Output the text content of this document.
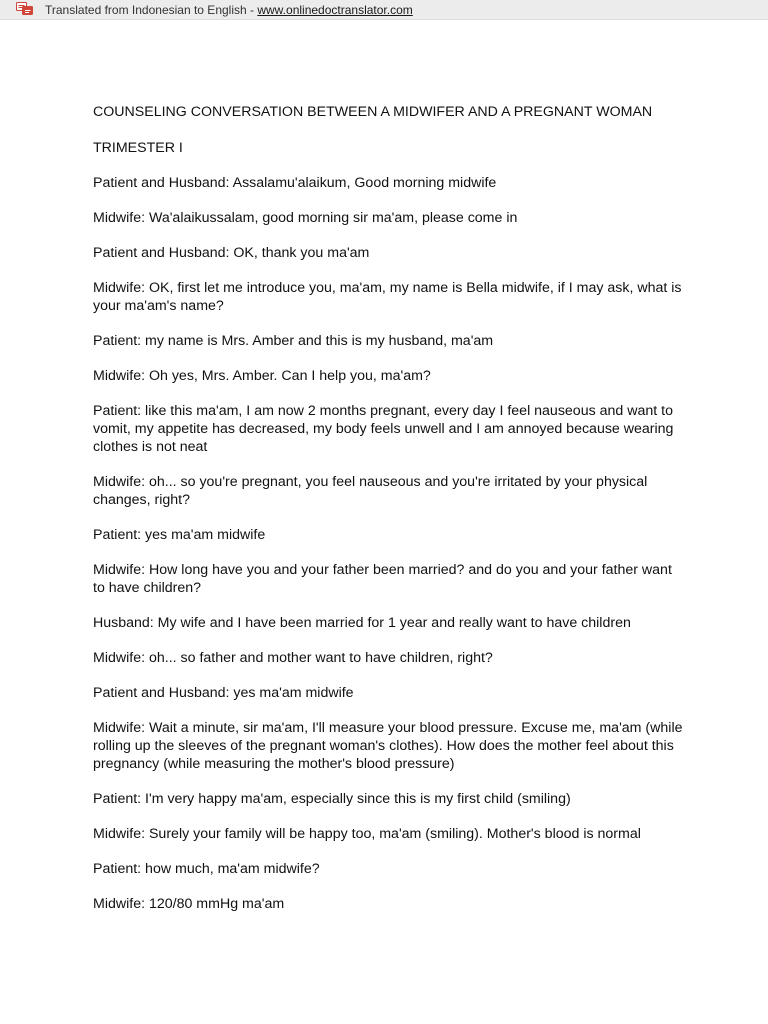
Translated from Indonesian to English - www.onlinedoctranslator.com

COUNSELING CONVERSATION BETWEEN A MIDWIFER AND A PREGNANT WOMAN

TRIMESTER I

Patient and Husband: Assalamu'alaikum, Good morning midwife

Midwife: Wa'alaikussalam, good morning sir ma'am, please come in

Patient and Husband: OK, thank you ma'am

Midwife: OK, first let me introduce you, ma'am, my name is Bella midwife, if I may ask, what is your ma'am's name?

Patient: my name is Mrs. Amber and this is my husband, ma'am

Midwife: Oh yes, Mrs. Amber. Can I help you, ma'am?

Patient: like this ma'am, I am now 2 months pregnant, every day I feel nauseous and want to vomit, my appetite has decreased, my body feels unwell and I am annoyed because wearing clothes is not neat

Midwife: oh... so you're pregnant, you feel nauseous and you're irritated by your physical changes, right?

Patient: yes ma'am midwife

Midwife: How long have you and your father been married? and do you and your father want to have children?

Husband: My wife and I have been married for 1 year and really want to have children

Midwife: oh... so father and mother want to have children, right?

Patient and Husband: yes ma'am midwife

Midwife: Wait a minute, sir ma'am, I'll measure your blood pressure. Excuse me, ma'am (while rolling up the sleeves of the pregnant woman's clothes). How does the mother feel about this pregnancy (while measuring the mother's blood pressure)

Patient: I'm very happy ma'am, especially since this is my first child (smiling)

Midwife: Surely your family will be happy too, ma'am (smiling). Mother's blood is normal

Patient: how much, ma'am midwife?

Midwife: 120/80 mmHg ma'am
